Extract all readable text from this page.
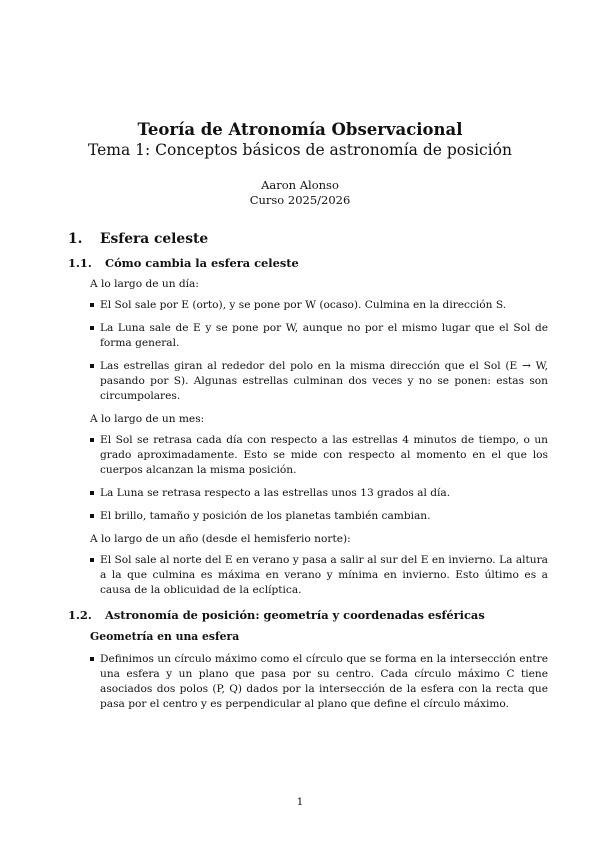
Teoría de Atronomía Observacional

Tema 1: Conceptos básicos de astronomía de posición

Aaron Alonso

Curso 2025/2026

1. Esfera celeste
1.1. Cómo cambia la esfera celeste

A lo largo de un día:

El Sol sale por E (orto), y se pone por W (ocaso). Culmina en la dirección S.
La Luna sale de E y se pone por W, aunque no por el mismo lugar que el Sol de forma general.
Las estrellas giran al rededor del polo en la misma dirección que el Sol (E → W, pasando por S). Algunas estrellas culminan dos veces y no se ponen: estas son circumpolares.

A lo largo de un mes:

El Sol se retrasa cada día con respecto a las estrellas 4 minutos de tiempo, o un grado aproximadamente. Esto se mide con respecto al momento en el que los cuerpos alcanzan la misma posición.
La Luna se retrasa respecto a las estrellas unos 13 grados al día.
El brillo, tamaño y posición de los planetas también cambian.

A lo largo de un año (desde el hemisferio norte):

El Sol sale al norte del E en verano y pasa a salir al sur del E en invierno. La altura a la que culmina es máxima en verano y mínima en invierno. Esto último es a causa de la oblicuidad de la eclíptica.
1.2. Astronomía de posición: geometría y coordenadas esféricas
Geometría en una esfera
Definimos un círculo máximo como el círculo que se forma en la intersección entre una esfera y un plano que pasa por su centro. Cada círculo máximo C tiene asociados dos polos (P, Q) dados por la intersección de la esfera con la recta que pasa por el centro y es perpendicular al plano que define el círculo máximo.
1
